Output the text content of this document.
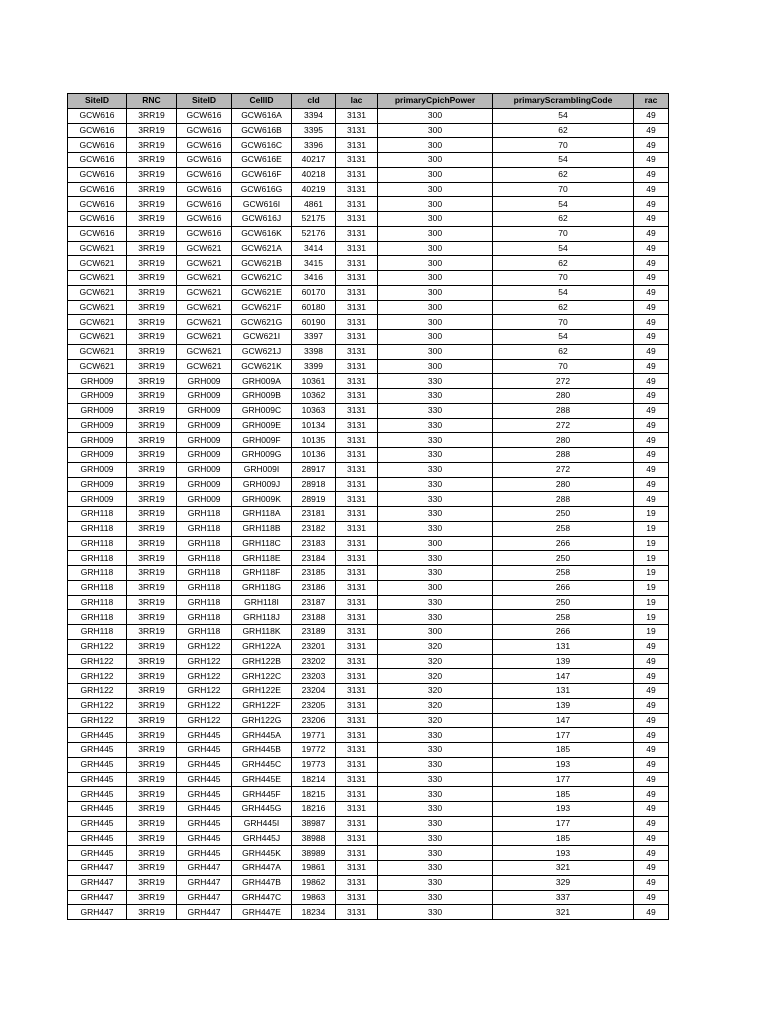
SiteID	RNC	SiteID	CellID	cId	lac	primaryCpichPower	primaryScramblingCode	rac
GCW616	3RR19	GCW616	GCW616A	3394	3131	300	54	49
GCW616	3RR19	GCW616	GCW616B	3395	3131	300	62	49
GCW616	3RR19	GCW616	GCW616C	3396	3131	300	70	49
GCW616	3RR19	GCW616	GCW616E	40217	3131	300	54	49
GCW616	3RR19	GCW616	GCW616F	40218	3131	300	62	49
GCW616	3RR19	GCW616	GCW616G	40219	3131	300	70	49
GCW616	3RR19	GCW616	GCW616I	4861	3131	300	54	49
GCW616	3RR19	GCW616	GCW616J	52175	3131	300	62	49
GCW616	3RR19	GCW616	GCW616K	52176	3131	300	70	49
GCW621	3RR19	GCW621	GCW621A	3414	3131	300	54	49
GCW621	3RR19	GCW621	GCW621B	3415	3131	300	62	49
GCW621	3RR19	GCW621	GCW621C	3416	3131	300	70	49
GCW621	3RR19	GCW621	GCW621E	60170	3131	300	54	49
GCW621	3RR19	GCW621	GCW621F	60180	3131	300	62	49
GCW621	3RR19	GCW621	GCW621G	60190	3131	300	70	49
GCW621	3RR19	GCW621	GCW621I	3397	3131	300	54	49
GCW621	3RR19	GCW621	GCW621J	3398	3131	300	62	49
GCW621	3RR19	GCW621	GCW621K	3399	3131	300	70	49
GRH009	3RR19	GRH009	GRH009A	10361	3131	330	272	49
GRH009	3RR19	GRH009	GRH009B	10362	3131	330	280	49
GRH009	3RR19	GRH009	GRH009C	10363	3131	330	288	49
GRH009	3RR19	GRH009	GRH009E	10134	3131	330	272	49
GRH009	3RR19	GRH009	GRH009F	10135	3131	330	280	49
GRH009	3RR19	GRH009	GRH009G	10136	3131	330	288	49
GRH009	3RR19	GRH009	GRH009I	28917	3131	330	272	49
GRH009	3RR19	GRH009	GRH009J	28918	3131	330	280	49
GRH009	3RR19	GRH009	GRH009K	28919	3131	330	288	49
GRH118	3RR19	GRH118	GRH118A	23181	3131	330	250	19
GRH118	3RR19	GRH118	GRH118B	23182	3131	330	258	19
GRH118	3RR19	GRH118	GRH118C	23183	3131	300	266	19
GRH118	3RR19	GRH118	GRH118E	23184	3131	330	250	19
GRH118	3RR19	GRH118	GRH118F	23185	3131	330	258	19
GRH118	3RR19	GRH118	GRH118G	23186	3131	300	266	19
GRH118	3RR19	GRH118	GRH118I	23187	3131	330	250	19
GRH118	3RR19	GRH118	GRH118J	23188	3131	330	258	19
GRH118	3RR19	GRH118	GRH118K	23189	3131	300	266	19
GRH122	3RR19	GRH122	GRH122A	23201	3131	320	131	49
GRH122	3RR19	GRH122	GRH122B	23202	3131	320	139	49
GRH122	3RR19	GRH122	GRH122C	23203	3131	320	147	49
GRH122	3RR19	GRH122	GRH122E	23204	3131	320	131	49
GRH122	3RR19	GRH122	GRH122F	23205	3131	320	139	49
GRH122	3RR19	GRH122	GRH122G	23206	3131	320	147	49
GRH445	3RR19	GRH445	GRH445A	19771	3131	330	177	49
GRH445	3RR19	GRH445	GRH445B	19772	3131	330	185	49
GRH445	3RR19	GRH445	GRH445C	19773	3131	330	193	49
GRH445	3RR19	GRH445	GRH445E	18214	3131	330	177	49
GRH445	3RR19	GRH445	GRH445F	18215	3131	330	185	49
GRH445	3RR19	GRH445	GRH445G	18216	3131	330	193	49
GRH445	3RR19	GRH445	GRH445I	38987	3131	330	177	49
GRH445	3RR19	GRH445	GRH445J	38988	3131	330	185	49
GRH445	3RR19	GRH445	GRH445K	38989	3131	330	193	49
GRH447	3RR19	GRH447	GRH447A	19861	3131	330	321	49
GRH447	3RR19	GRH447	GRH447B	19862	3131	330	329	49
GRH447	3RR19	GRH447	GRH447C	19863	3131	330	337	49
GRH447	3RR19	GRH447	GRH447E	18234	3131	330	321	49
